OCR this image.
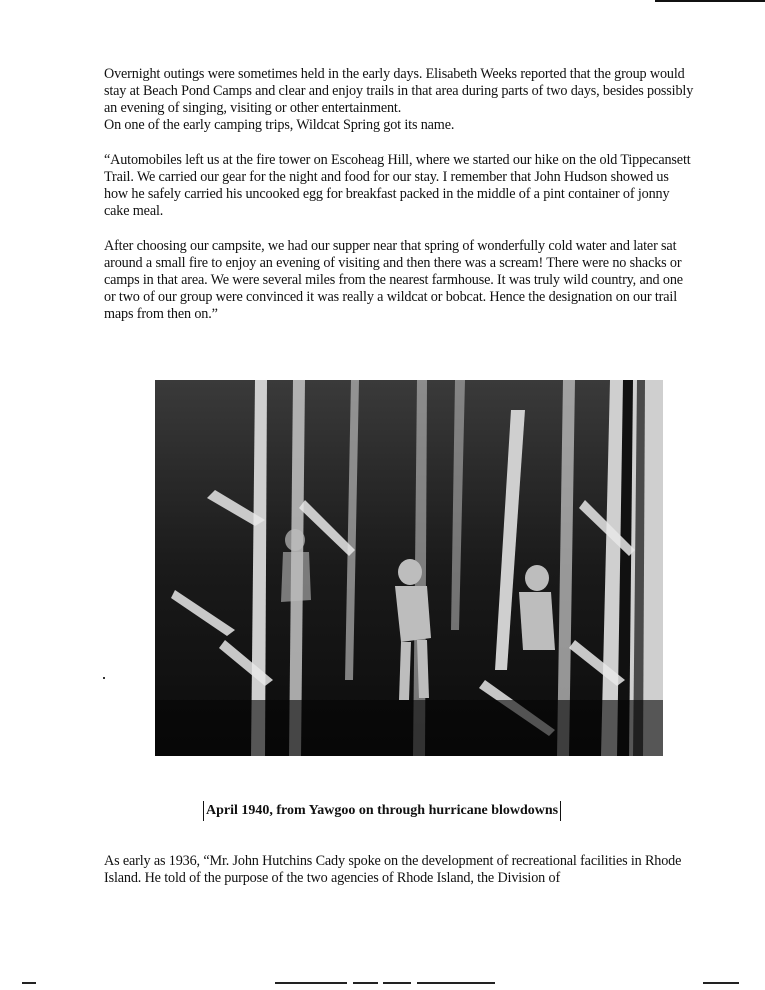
Overnight outings were sometimes held in the early days. Elisabeth Weeks reported that the group would stay at Beach Pond Camps and clear and enjoy trails in that area during parts of two days, besides possibly an evening of singing, visiting or other entertainment.
On one of the early camping trips, Wildcat Spring got its name.

“Automobiles left us at the fire tower on Escoheag Hill, where we started our hike on the old Tippecansett Trail. We carried our gear for the night and food for our stay. I remember that John Hudson showed us how he safely carried his uncooked egg for breakfast packed in the middle of a pint container of jonny cake meal.

After choosing our campsite, we had our supper near that spring of wonderfully cold water and later sat around a small fire to enjoy an evening of visiting and then there was a scream! There were no shacks or camps in that area. We were several miles from the nearest farmhouse. It was truly wild country, and one or two of our group were convinced it was really a wildcat or bobcat. Hence the designation on our trail maps from then on.”

April 1940, from Yawgoo on through hurricane blowdowns

As early as 1936, “Mr. John Hutchins Cady spoke on the development of recreational facilities in Rhode Island. He told of the purpose of the two agencies of Rhode Island, the Division of
